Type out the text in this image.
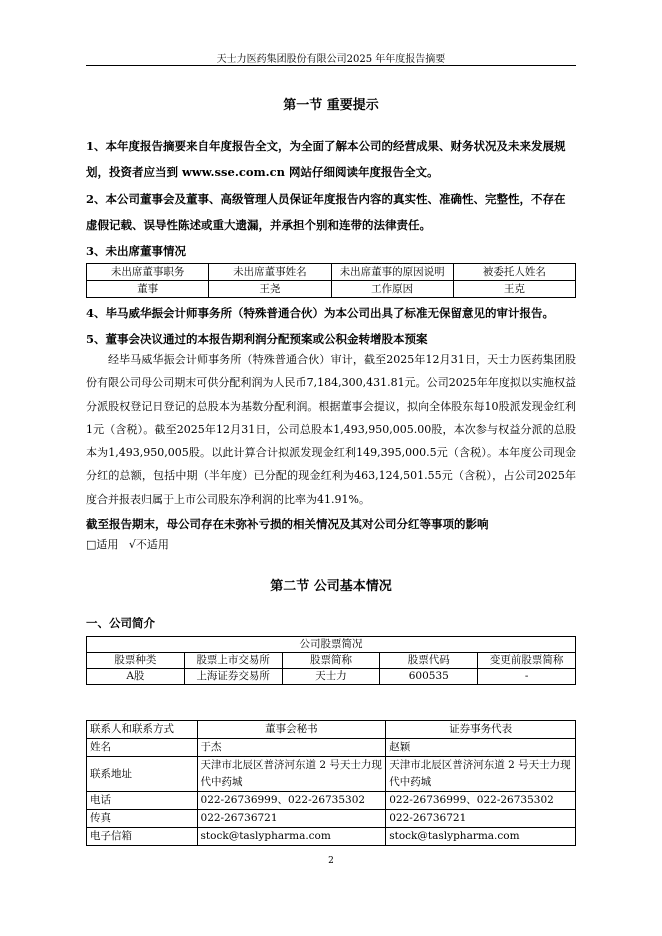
天士力医药集团股份有限公司2025 年年度报告摘要
第一节 重要提示
1、本年度报告摘要来自年度报告全文，为全面了解本公司的经营成果、财务状况及未来发展规
划，投资者应当到 www.sse.com.cn 网站仔细阅读年度报告全文。
2、本公司董事会及董事、高级管理人员保证年度报告内容的真实性、准确性、完整性，不存在
虚假记载、误导性陈述或重大遗漏，并承担个别和连带的法律责任。
3、未出席董事情况
未出席董事职务	未出席董事姓名	未出席董事的原因说明	被委托人姓名
董事	王尧	工作原因	王克
4、毕马威华振会计师事务所（特殊普通合伙）为本公司出具了标准无保留意见的审计报告。
5、董事会决议通过的本报告期利润分配预案或公积金转增股本预案
经毕马威华振会计师事务所（特殊普通合伙）审计，截至2025年12月31日，天士力医药集团股份有限公司母公司期末可供分配利润为人民币7,184,300,431.81元。公司2025年年度拟以实施权益分派股权登记日登记的总股本为基数分配利润。根据董事会提议，拟向全体股东每10股派发现金红利1元（含税）。截至2025年12月31日，公司总股本1,493,950,005.00股，本次参与权益分派的总股本为1,493,950,005股。以此计算合计拟派发现金红利149,395,000.5元（含税）。本年度公司现金分红的总额，包括中期（半年度）已分配的现金红利为463,124,501.55元（含税），占公司2025年度合并报表归属于上市公司股东净利润的比率为41.91%。
截至报告期末，母公司存在未弥补亏损的相关情况及其对公司分红等事项的影响
□适用 √不适用
第二节 公司基本情况
一、公司简介
公司股票简况				
股票种类	股票上市交易所	股票简称	股票代码	变更前股票简称
A股	上海证券交易所	天士力	600535	-
联系人和联系方式	董事会秘书	证券事务代表
姓名	于杰	赵颖
联系地址	天津市北辰区普济河东道 2 号天士力现代中药城	天津市北辰区普济河东道 2 号天士力现代中药城
电话	022-26736999、022-26735302	022-26736999、022-26735302
传真	022-26736721	022-26736721
电子信箱	stock@taslypharma.com	stock@taslypharma.com
2
